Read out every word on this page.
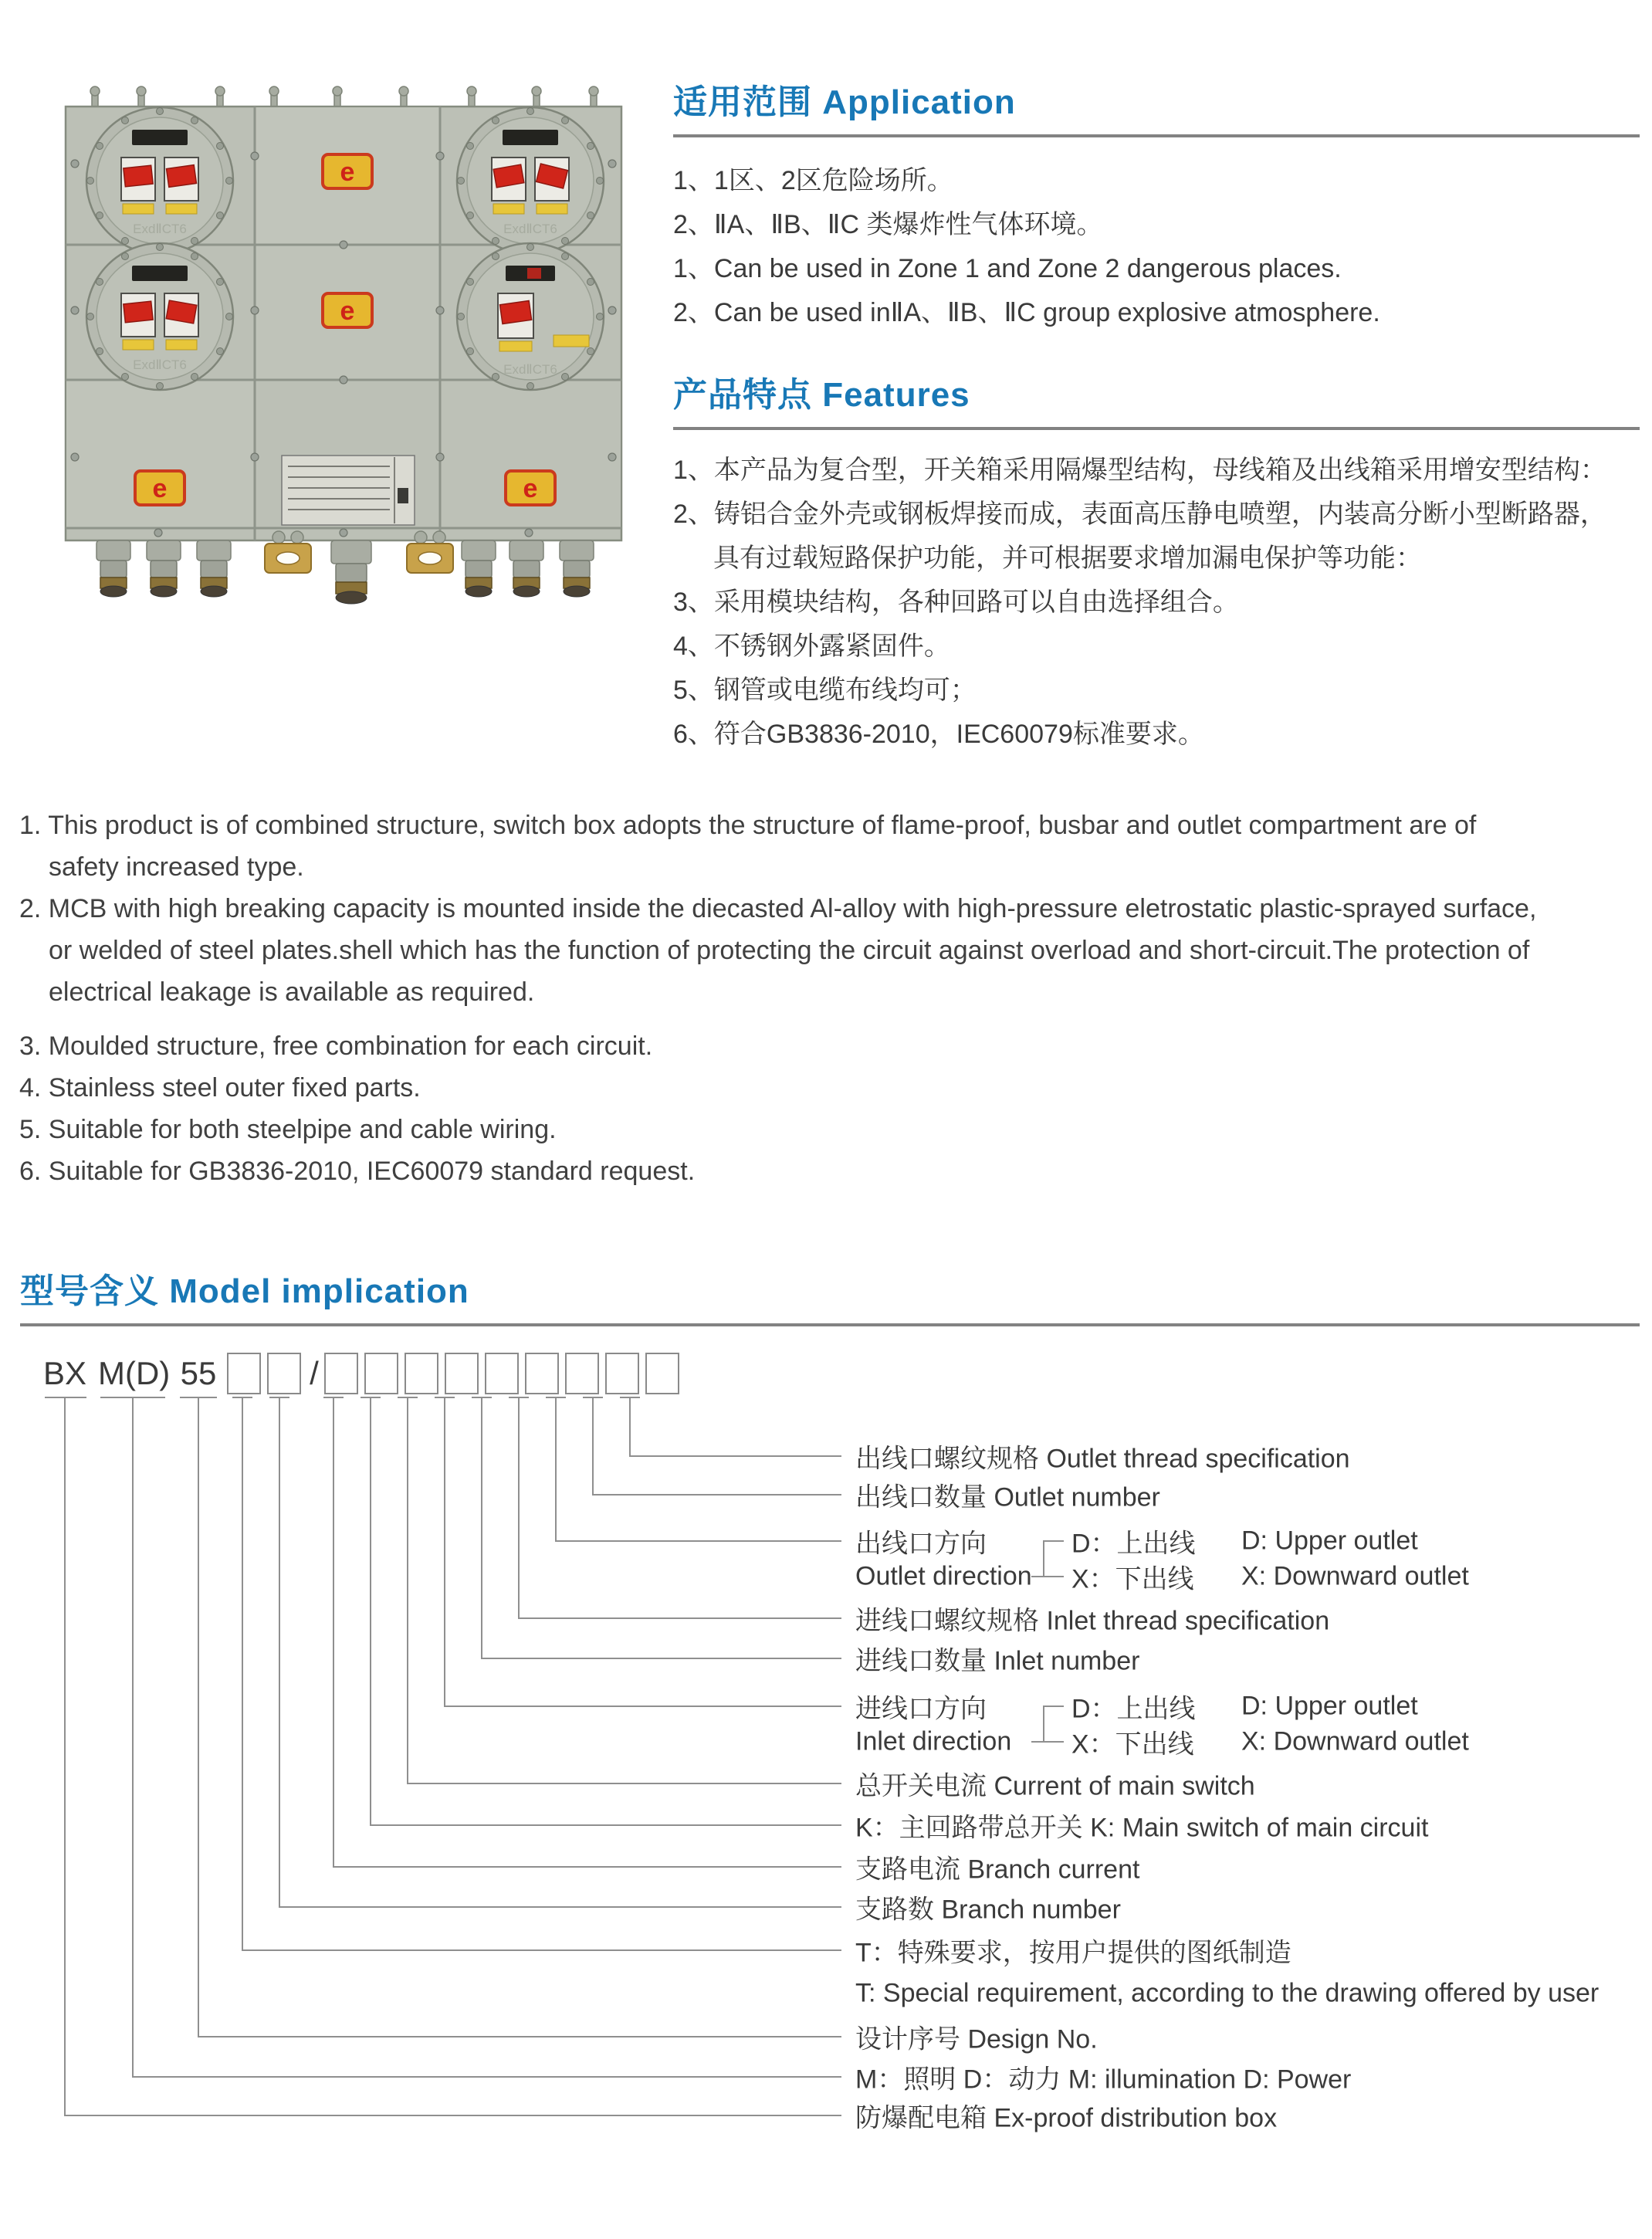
ExdⅡCT6	ExdⅡCT6
ExdⅡCT6	ExdⅡCT6
e
e
e	e
适用范围 Application
1、1区、2区危险场所。
2、ⅡA、ⅡB、ⅡC 类爆炸性气体环境。
1、Can be used in Zone 1 and Zone 2 dangerous places.
2、Can be used inⅡA、ⅡB、ⅡC group explosive atmosphere.
产品特点 Features
1、本产品为复合型，开关箱采用隔爆型结构，母线箱及出线箱采用增安型结构：
2、铸铝合金外壳或钢板焊接而成，表面高压静电喷塑，内装高分断小型断路器，
具有过载短路保护功能，并可根据要求增加漏电保护等功能：
3、采用模块结构，各种回路可以自由选择组合。
4、不锈钢外露紧固件。
5、钢管或电缆布线均可；
6、符合GB3836-2010，IEC60079标准要求。
1. This product is of combined structure, switch box adopts the structure of flame-proof, busbar and outlet compartment are of
safety increased type.
2. MCB with high breaking capacity is mounted inside the diecasted Al-alloy with high-pressure eletrostatic plastic-sprayed surface,
or welded of steel plates.shell which has the function of protecting the circuit against overload and short-circuit.The protection of
electrical leakage is available as required.
3. Moulded structure, free combination for each circuit.
4. Stainless steel outer fixed parts.
5. Suitable for both steelpipe and cable wiring.
6. Suitable for GB3836-2010, IEC60079 standard request.
型号含义 Model implication
BX M(D) 55	/
出线口螺纹规格 Outlet thread specification
出线口数量 Outlet number
出线口方向
Outlet direction
D：上出线 D: Upper outlet
X：下出线 X: Downward outlet
进线口螺纹规格 Inlet thread specification
进线口数量 Inlet number
进线口方向
Inlet direction
D：上出线 D: Upper outlet
X：下出线 X: Downward outlet
总开关电流 Current of main switch
K：主回路带总开关 K: Main switch of main circuit
支路电流 Branch current
支路数 Branch number
T：特殊要求，按用户提供的图纸制造
T: Special requirement, according to the drawing offered by user
设计序号 Design No.
M：照明 D：动力 M: illumination D: Power
防爆配电箱 Ex-proof distribution box
